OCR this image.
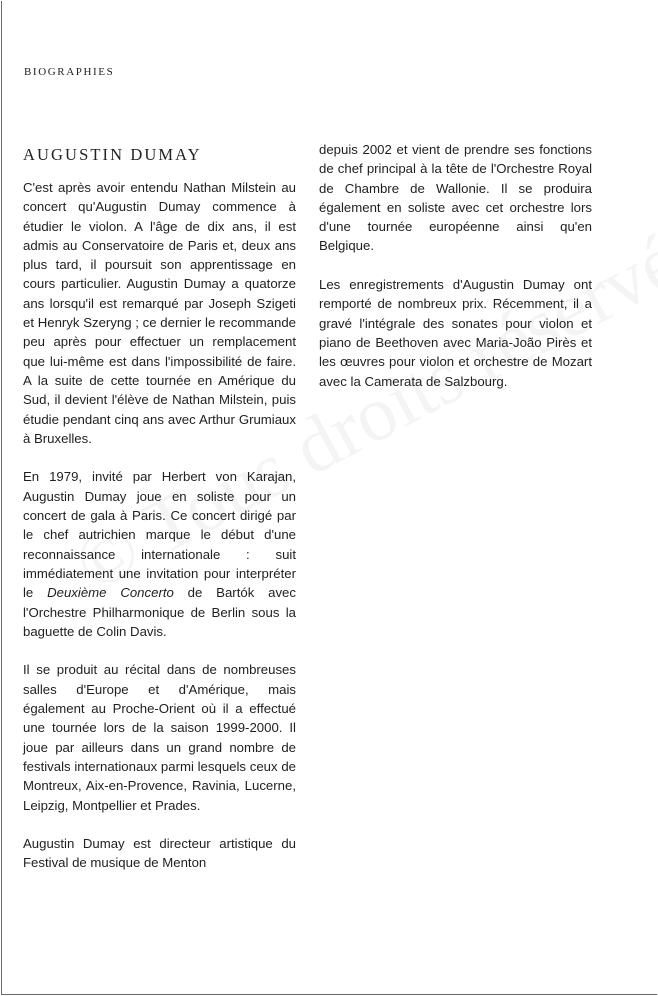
BIOGRAPHIES
AUGUSTIN DUMAY

C'est après avoir entendu Nathan Milstein au concert qu'Augustin Dumay commence à étudier le violon. A l'âge de dix ans, il est admis au Conservatoire de Paris et, deux ans plus tard, il poursuit son apprentissage en cours particulier. Augustin Dumay a quatorze ans lorsqu'il est remarqué par Joseph Szigeti et Henryk Szeryng ; ce dernier le recommande peu après pour effectuer un remplacement que lui-même est dans l'impossibilité de faire. A la suite de cette tournée en Amérique du Sud, il devient l'élève de Nathan Milstein, puis étudie pendant cinq ans avec Arthur Grumiaux à Bruxelles.

En 1979, invité par Herbert von Karajan, Augustin Dumay joue en soliste pour un concert de gala à Paris. Ce concert dirigé par le chef autrichien marque le début d'une reconnaissance internationale : suit immédiatement une invitation pour interpréter le Deuxième Concerto de Bartók avec l'Orchestre Philharmonique de Berlin sous la baguette de Colin Davis.

Il se produit au récital dans de nombreuses salles d'Europe et d'Amérique, mais également au Proche-Orient où il a effectué une tournée lors de la saison 1999-2000. Il joue par ailleurs dans un grand nombre de festivals internationaux parmi lesquels ceux de Montreux, Aix-en-Provence, Ravinia, Lucerne, Leipzig, Montpellier et Prades.

Augustin Dumay est directeur artistique du Festival de musique de Menton

depuis 2002 et vient de prendre ses fonctions de chef principal à la tête de l'Orchestre Royal de Chambre de Wallonie. Il se produira également en soliste avec cet orchestre lors d'une tournée européenne ainsi qu'en Belgique.

Les enregistrements d'Augustin Dumay ont remporté de nombreux prix. Récemment, il a gravé l'intégrale des sonates pour violon et piano de Beethoven avec Maria-João Pirès et les œuvres pour violon et orchestre de Mozart avec la Camerata de Salzbourg.
